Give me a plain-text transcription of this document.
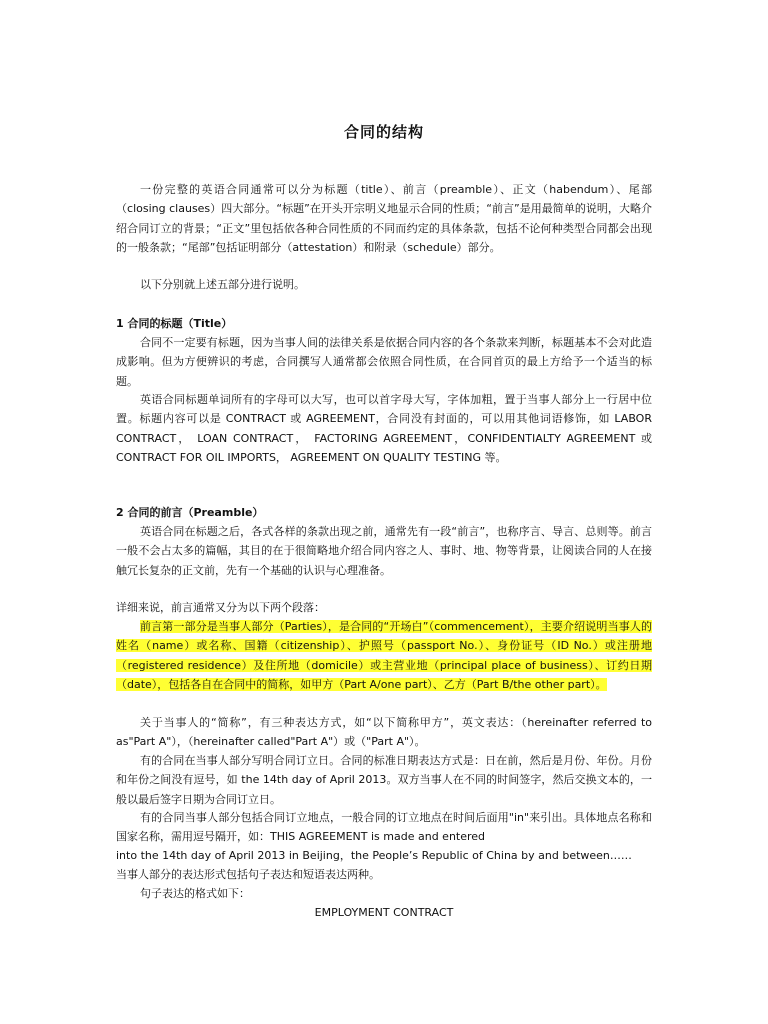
合同的结构

一份完整的英语合同通常可以分为标题（title）、前言（preamble）、正文（habendum）、尾部（closing clauses）四大部分。“标题”在开头开宗明义地显示合同的性质；“前言”是用最简单的说明，大略介绍合同订立的背景；“正文”里包括依各种合同性质的不同而约定的具体条款，包括不论何种类型合同都会出现的一般条款；“尾部”包括证明部分（attestation）和附录（schedule）部分。

以下分别就上述五部分进行说明。

1 合同的标题（Title）

合同不一定要有标题，因为当事人间的法律关系是依据合同内容的各个条款来判断，标题基本不会对此造成影响。但为方便辨识的考虑，合同撰写人通常都会依照合同性质，在合同首页的最上方给予一个适当的标题。

英语合同标题单词所有的字母可以大写，也可以首字母大写，字体加粗，置于当事人部分上一行居中位置。标题内容可以是 CONTRACT 或 AGREEMENT，合同没有封面的，可以用其他词语修饰，如 LABOR CONTRACT， LOAN CONTRACT， FACTORING AGREEMENT，CONFIDENTIALTY AGREEMENT 或 CONTRACT FOR OIL IMPORTS， AGREEMENT ON QUALITY TESTING 等。

2 合同的前言（Preamble）

英语合同在标题之后，各式各样的条款出现之前，通常先有一段“前言”，也称序言、导言、总则等。前言一般不会占太多的篇幅，其目的在于很简略地介绍合同内容之人、事时、地、物等背景，让阅读合同的人在接触冗长复杂的正文前，先有一个基础的认识与心理准备。

详细来说，前言通常又分为以下两个段落：

前言第一部分是当事人部分（Parties），是合同的“开场白”（commencement），主要介绍说明当事人的姓名（name）或名称、国籍（citizenship）、护照号（passport No.）、身份证号（ID No.）或注册地（registered residence）及住所地（domicile）或主营业地（principal place of business）、订约日期（date），包括各自在合同中的简称，如甲方（Part A/one part）、乙方（Part B/the other part）。

关于当事人的“简称”，有三种表达方式，如“以下简称甲方”，英文表达：（hereinafter referred to as"Part A"），（hereinafter called"Part A"）或（"Part A"）。

有的合同在当事人部分写明合同订立日。合同的标准日期表达方式是：日在前，然后是月份、年份。月份和年份之间没有逗号，如 the 14th day of April 2013。双方当事人在不同的时间签字，然后交换文本的，一般以最后签字日期为合同订立日。

有的合同当事人部分包括合同订立地点，一般合同的订立地点在时间后面用"in"来引出。具体地点名称和国家名称，需用逗号隔开，如：THIS AGREEMENT is made and entered

into the 14th day of April 2013 in Beijing，the People’s Republic of China by and between……

当事人部分的表达形式包括句子表达和短语表达两种。

句子表达的格式如下：

EMPLOYMENT CONTRACT
